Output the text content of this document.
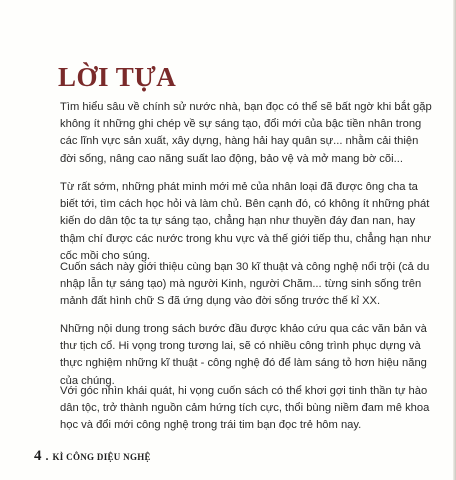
LỜI TỰA

Tìm hiểu sâu về chính sử nước nhà, bạn đọc có thể sẽ bất ngờ khi bắt gặp không ít những ghi chép về sự sáng tạo, đổi mới của bậc tiền nhân trong các lĩnh vực sản xuất, xây dựng, hàng hải hay quân sự... nhằm cải thiện đời sống, nâng cao năng suất lao động, bảo vệ và mở mang bờ cõi...

Từ rất sớm, những phát minh mới mẻ của nhân loại đã được ông cha ta biết tới, tìm cách học hỏi và làm chủ. Bên cạnh đó, có không ít những phát kiến do dân tộc ta tự sáng tạo, chẳng hạn như thuyền đáy đan nan, hay thậm chí được các nước trong khu vực và thế giới tiếp thu, chẳng hạn như cốc mồi cho súng.

Cuốn sách này giới thiệu cùng bạn 30 kĩ thuật và công nghệ nổi trội (cả du nhập lẫn tự sáng tạo) mà người Kinh, người Chăm... từng sinh sống trên mảnh đất hình chữ S đã ứng dụng vào đời sống trước thế kỉ XX.

Những nội dung trong sách bước đầu được khảo cứu qua các văn bản và thư tịch cổ. Hi vọng trong tương lai, sẽ có nhiều công trình phục dựng và thực nghiệm những kĩ thuật - công nghệ đó để làm sáng tỏ hơn hiệu năng của chúng.

Với góc nhìn khái quát, hi vọng cuốn sách có thể khơi gợi tinh thần tự hào dân tộc, trở thành nguồn cảm hứng tích cực, thổi bùng niềm đam mê khoa học và đổi mới công nghệ trong trái tim bạn đọc trẻ hôm nay.

4 . KÌ CÔNG DIỆU NGHỆ
